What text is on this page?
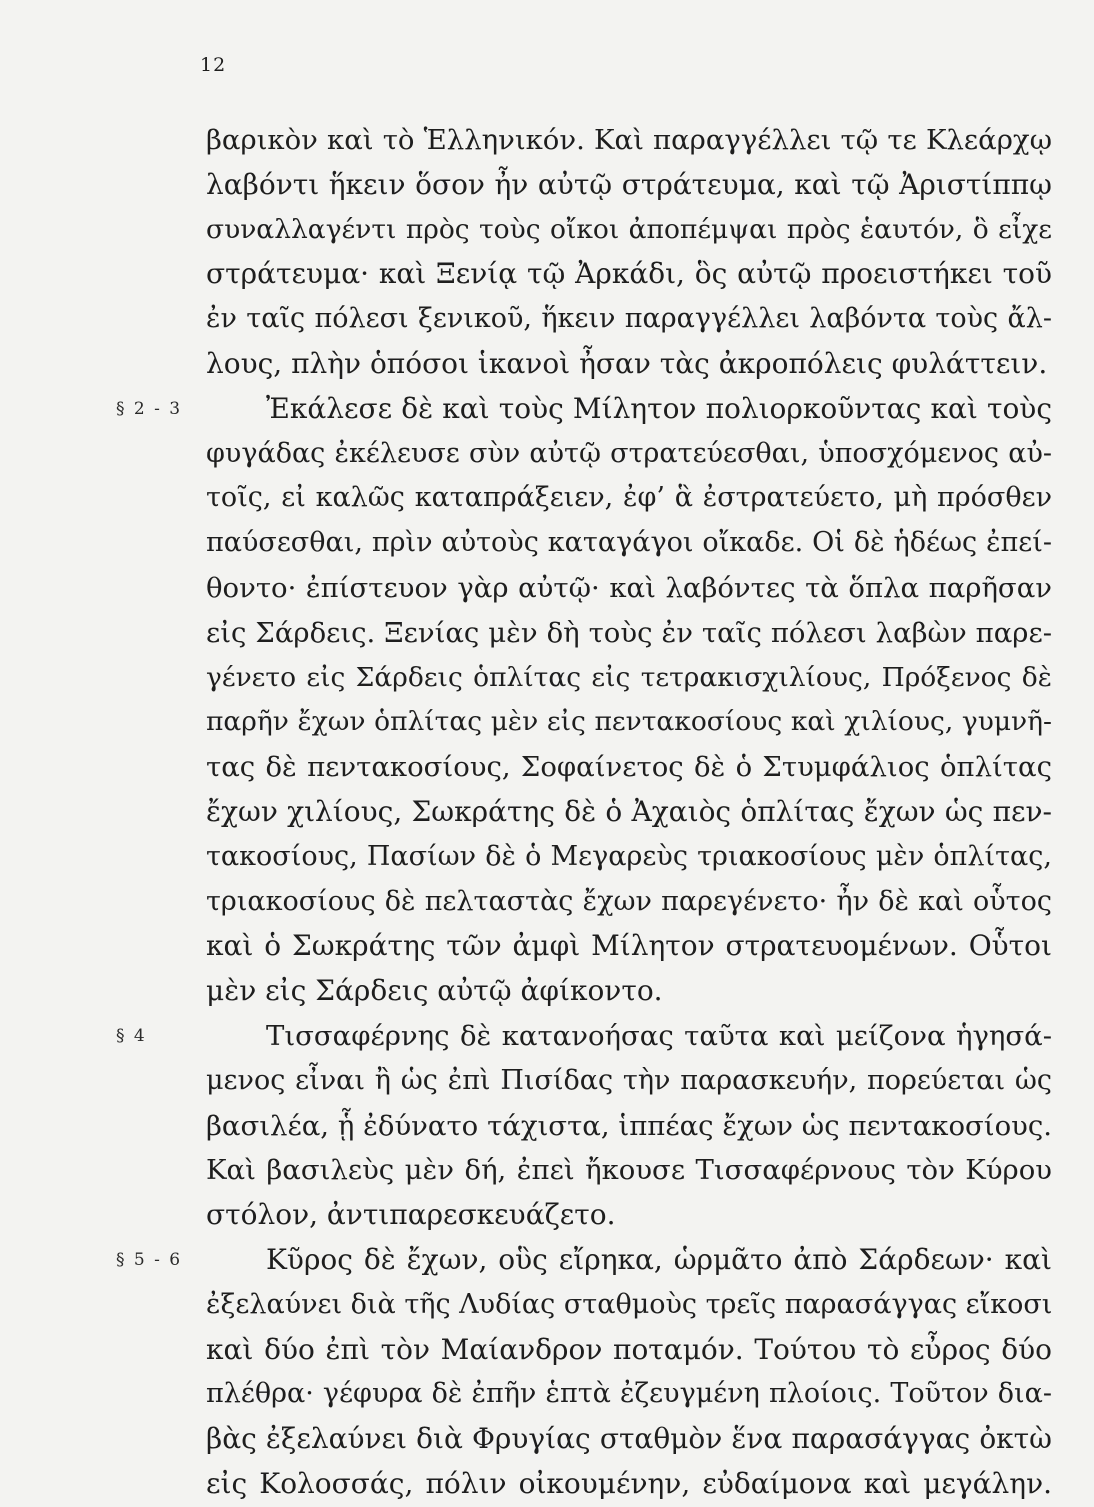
12
βαρικὸν καὶ τὸ Ἑλληνικόν. Καὶ παραγγέλλει τῷ τε Κλεάρχῳ
λαβόντι ἥκειν ὅσον ἦν αὐτῷ στράτευμα, καὶ τῷ Ἀριστίππῳ
συναλλαγέντι πρὸς τοὺς οἴκοι ἀποπέμψαι πρὸς ἑαυτόν, ὃ εἶχε
στράτευμα· καὶ Ξενίᾳ τῷ Ἀρκάδι, ὃς αὐτῷ προειστήκει τοῦ
ἐν ταῖς πόλεσι ξενικοῦ, ἥκειν παραγγέλλει λαβόντα τοὺς ἄλ-
λους, πλὴν ὁπόσοι ἱκανοὶ ἦσαν τὰς ἀκροπόλεις φυλάττειν.
§ 2 - 3	Ἐκάλεσε δὲ καὶ τοὺς Μίλητον πολιορκοῦντας καὶ τοὺς
φυγάδας ἐκέλευσε σὺν αὐτῷ στρατεύεσθαι, ὑποσχόμενος αὐ-
τοῖς, εἰ καλῶς καταπράξειεν, ἐφ’ ἃ ἐστρατεύετο, μὴ πρόσθεν
παύσεσθαι, πρὶν αὐτοὺς καταγάγοι οἴκαδε. Οἱ δὲ ἡδέως ἐπεί-
θοντο· ἐπίστευον γὰρ αὐτῷ· καὶ λαβόντες τὰ ὅπλα παρῆσαν
εἰς Σάρδεις. Ξενίας μὲν δὴ τοὺς ἐν ταῖς πόλεσι λαβὼν παρε-
γένετο εἰς Σάρδεις ὁπλίτας εἰς τετρακισχιλίους, Πρόξενος δὲ
παρῆν ἔχων ὁπλίτας μὲν εἰς πεντακοσίους καὶ χιλίους, γυμνῆ-
τας δὲ πεντακοσίους, Σοφαίνετος δὲ ὁ Στυμφάλιος ὁπλίτας
ἔχων χιλίους, Σωκράτης δὲ ὁ Ἀχαιὸς ὁπλίτας ἔχων ὡς πεν-
τακοσίους, Πασίων δὲ ὁ Μεγαρεὺς τριακοσίους μὲν ὁπλίτας,
τριακοσίους δὲ πελταστὰς ἔχων παρεγένετο· ἦν δὲ καὶ οὗτος
καὶ ὁ Σωκράτης τῶν ἀμφὶ Μίλητον στρατευομένων. Οὗτοι
μὲν εἰς Σάρδεις αὐτῷ ἀφίκοντο.
§ 4	Τισσαφέρνης δὲ κατανοήσας ταῦτα καὶ μείζονα ἡγησά-
μενος εἶναι ἢ ὡς ἐπὶ Πισίδας τὴν παρασκευήν, πορεύεται ὡς
βασιλέα, ᾗ ἐδύνατο τάχιστα, ἱππέας ἔχων ὡς πεντακοσίους.
Καὶ βασιλεὺς μὲν δή, ἐπεὶ ἤκουσε Τισσαφέρνους τὸν Κύρου
στόλον, ἀντιπαρεσκευάζετο.
§ 5 - 6	Κῦρος δὲ ἔχων, οὓς εἴρηκα, ὡρμᾶτο ἀπὸ Σάρδεων· καὶ
ἐξελαύνει διὰ τῆς Λυδίας σταθμοὺς τρεῖς παρασάγγας εἴκοσι
καὶ δύο ἐπὶ τὸν Μαίανδρον ποταμόν. Τούτου τὸ εὖρος δύο
πλέθρα· γέφυρα δὲ ἐπῆν ἑπτὰ ἐζευγμένη πλοίοις. Τοῦτον δια-
βὰς ἐξελαύνει διὰ Φρυγίας σταθμὸν ἕνα παρασάγγας ὀκτὼ
εἰς Κολοσσάς, πόλιν οἰκουμένην, εὐδαίμονα καὶ μεγάλην.
